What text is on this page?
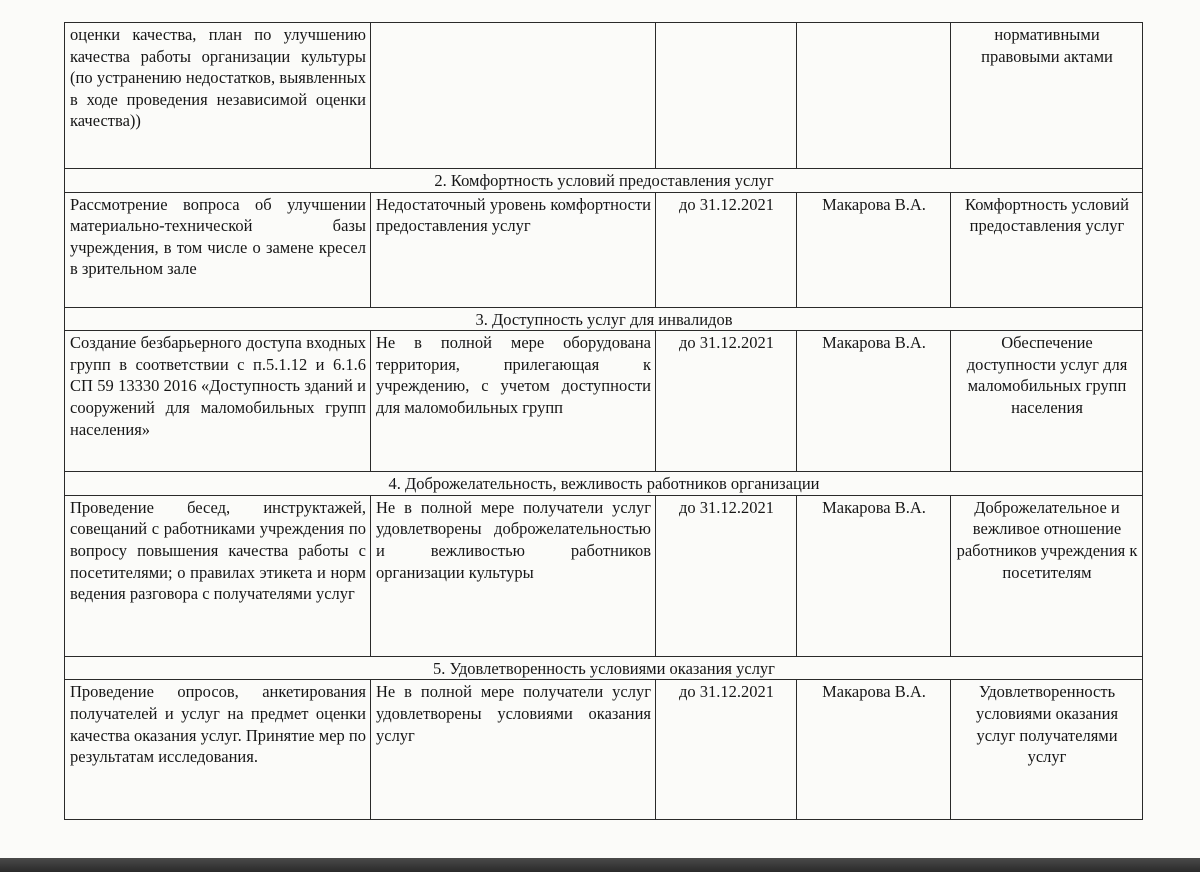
оценки качества, план по улучшению качества работы организации культуры (по устранению недостатков, выявленных в ходе проведения независимой оценки качества))				нормативными правовыми актами
2. Комфортность условий предоставления услуг				
Рассмотрение вопроса об улучшении материально-технической базы учреждения, в том числе о замене кресел в зрительном зале	Недостаточный уровень комфортности предоставления услуг	до 31.12.2021	Макарова В.А.	Комфортность условий предоставления услуг
3. Доступность услуг для инвалидов				
Создание безбарьерного доступа входных групп в соответствии с п.5.1.12 и 6.1.6 СП 59 13330 2016 «Доступность зданий и сооружений для маломобильных групп населения»	Не в полной мере оборудована территория, прилегающая к учреждению, с учетом доступности для маломобильных групп	до 31.12.2021	Макарова В.А.	Обеспечение доступности услуг для маломобильных групп населения
4. Доброжелательность, вежливость работников организации				
Проведение бесед, инструктажей, совещаний с работниками учреждения по вопросу повышения качества работы с посетителями; о правилах этикета и норм ведения разговора с получателями услуг	Не в полной мере получатели услуг удовлетворены доброжелательностью и вежливостью работников организации культуры	до 31.12.2021	Макарова В.А.	Доброжелательное и вежливое отношение работников учреждения к посетителям
5. Удовлетворенность условиями оказания услуг				
Проведение опросов, анкетирования получателей и услуг на предмет оценки качества оказания услуг. Принятие мер по результатам исследования.	Не в полной мере получатели услуг удовлетворены условиями оказания услуг	до 31.12.2021	Макарова В.А.	Удовлетворенность условиями оказания услуг получателями услуг
